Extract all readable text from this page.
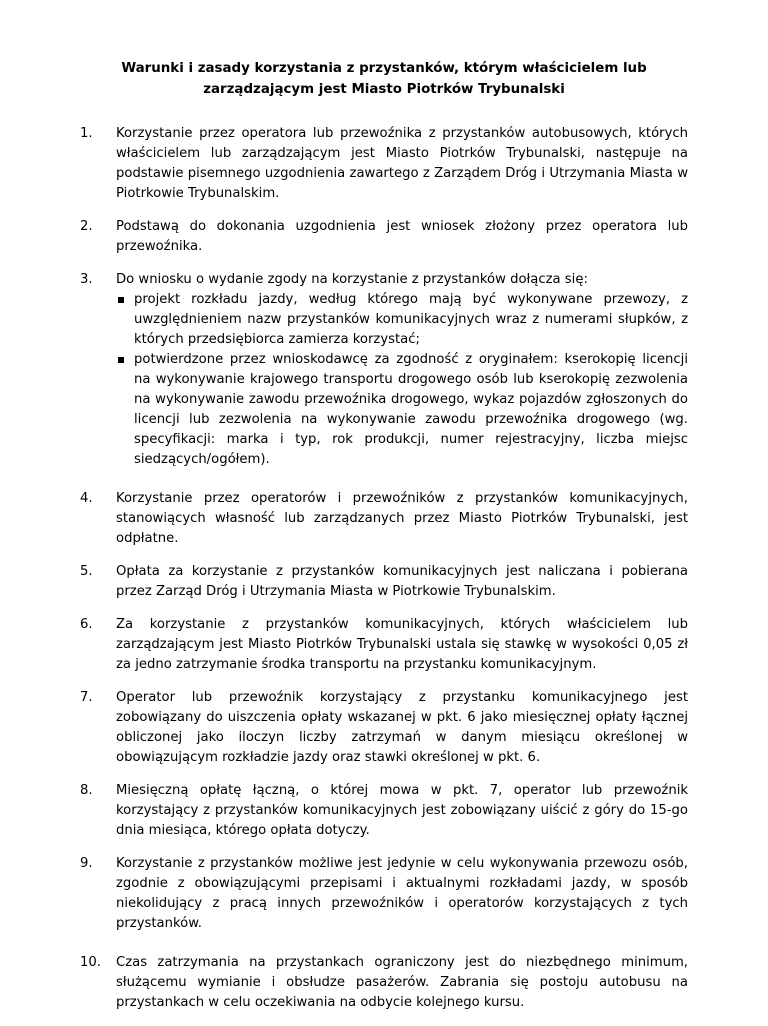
Warunki i zasady korzystania z przystanków, którym właścicielem lub
zarządzającym jest Miasto Piotrków Trybunalski
1. Korzystanie przez operatora lub przewoźnika z przystanków autobusowych, których właścicielem lub zarządzającym jest Miasto Piotrków Trybunalski, następuje na podstawie pisemnego uzgodnienia zawartego z Zarządem Dróg i Utrzymania Miasta w Piotrkowie Trybunalskim.
2. Podstawą do dokonania uzgodnienia jest wniosek złożony przez operatora lub przewoźnika.
3. Do wniosku o wydanie zgody na korzystanie z przystanków dołącza się:
projekt rozkładu jazdy, według którego mają być wykonywane przewozy, z uwzględnieniem nazw przystanków komunikacyjnych wraz z numerami słupków, z których przedsiębiorca zamierza korzystać;
potwierdzone przez wnioskodawcę za zgodność z oryginałem: kserokopię licencji na wykonywanie krajowego transportu drogowego osób lub kserokopię zezwolenia na wykonywanie zawodu przewoźnika drogowego, wykaz pojazdów zgłoszonych do licencji lub zezwolenia na wykonywanie zawodu przewoźnika drogowego (wg. specyfikacji: marka i typ, rok produkcji, numer rejestracyjny, liczba miejsc siedzących/ogółem).
4. Korzystanie przez operatorów i przewoźników z przystanków komunikacyjnych, stanowiących własność lub zarządzanych przez Miasto Piotrków Trybunalski, jest odpłatne.
5. Opłata za korzystanie z przystanków komunikacyjnych jest naliczana i pobierana przez Zarząd Dróg i Utrzymania Miasta w Piotrkowie Trybunalskim.
6. Za korzystanie z przystanków komunikacyjnych, których właścicielem lub zarządzającym jest Miasto Piotrków Trybunalski ustala się stawkę w wysokości 0,05 zł za jedno zatrzymanie środka transportu na przystanku komunikacyjnym.
7. Operator lub przewoźnik korzystający z przystanku komunikacyjnego jest zobowiązany do uiszczenia opłaty wskazanej w pkt. 6 jako miesięcznej opłaty łącznej obliczonej jako iloczyn liczby zatrzymań w danym miesiącu określonej w obowiązującym rozkładzie jazdy oraz stawki określonej w pkt. 6.
8. Miesięczną opłatę łączną, o której mowa w pkt. 7, operator lub przewoźnik korzystający z przystanków komunikacyjnych jest zobowiązany uiścić z góry do 15-go dnia miesiąca, którego opłata dotyczy.
9. Korzystanie z przystanków możliwe jest jedynie w celu wykonywania przewozu osób, zgodnie z obowiązującymi przepisami i aktualnymi rozkładami jazdy, w sposób niekolidujący z pracą innych przewoźników i operatorów korzystających z tych przystanków.
10. Czas zatrzymania na przystankach ograniczony jest do niezbędnego minimum, służącemu wymianie i obsłudze pasażerów. Zabrania się postoju autobusu na przystankach w celu oczekiwania na odbycie kolejnego kursu.
